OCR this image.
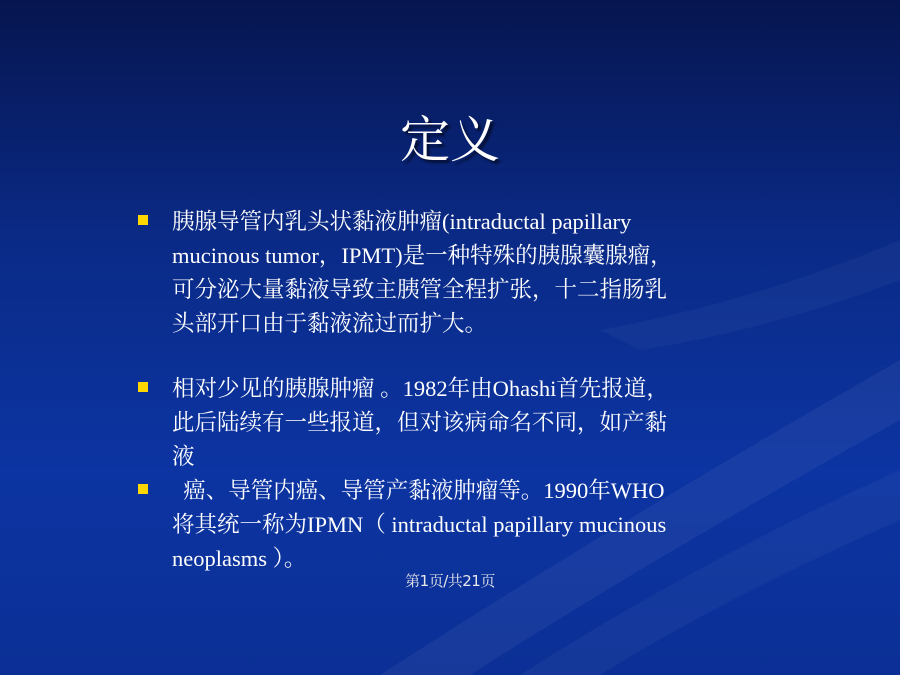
定义
胰腺导管内乳头状黏液肿瘤(intraductal papillary
mucinous tumor，IPMT)是一种特殊的胰腺囊腺瘤，
可分泌大量黏液导致主胰管全程扩张，十二指肠乳
头部开口由于黏液流过而扩大。
相对少见的胰腺肿瘤 。1982年由Ohashi首先报道，
此后陆续有一些报道，但对该病命名不同，如产黏
液
癌、导管内癌、导管产黏液肿瘤等。1990年WHO
将其统一称为IPMN（ intraductal papillary mucinous
neoplasms ）。
第1页/共21页
